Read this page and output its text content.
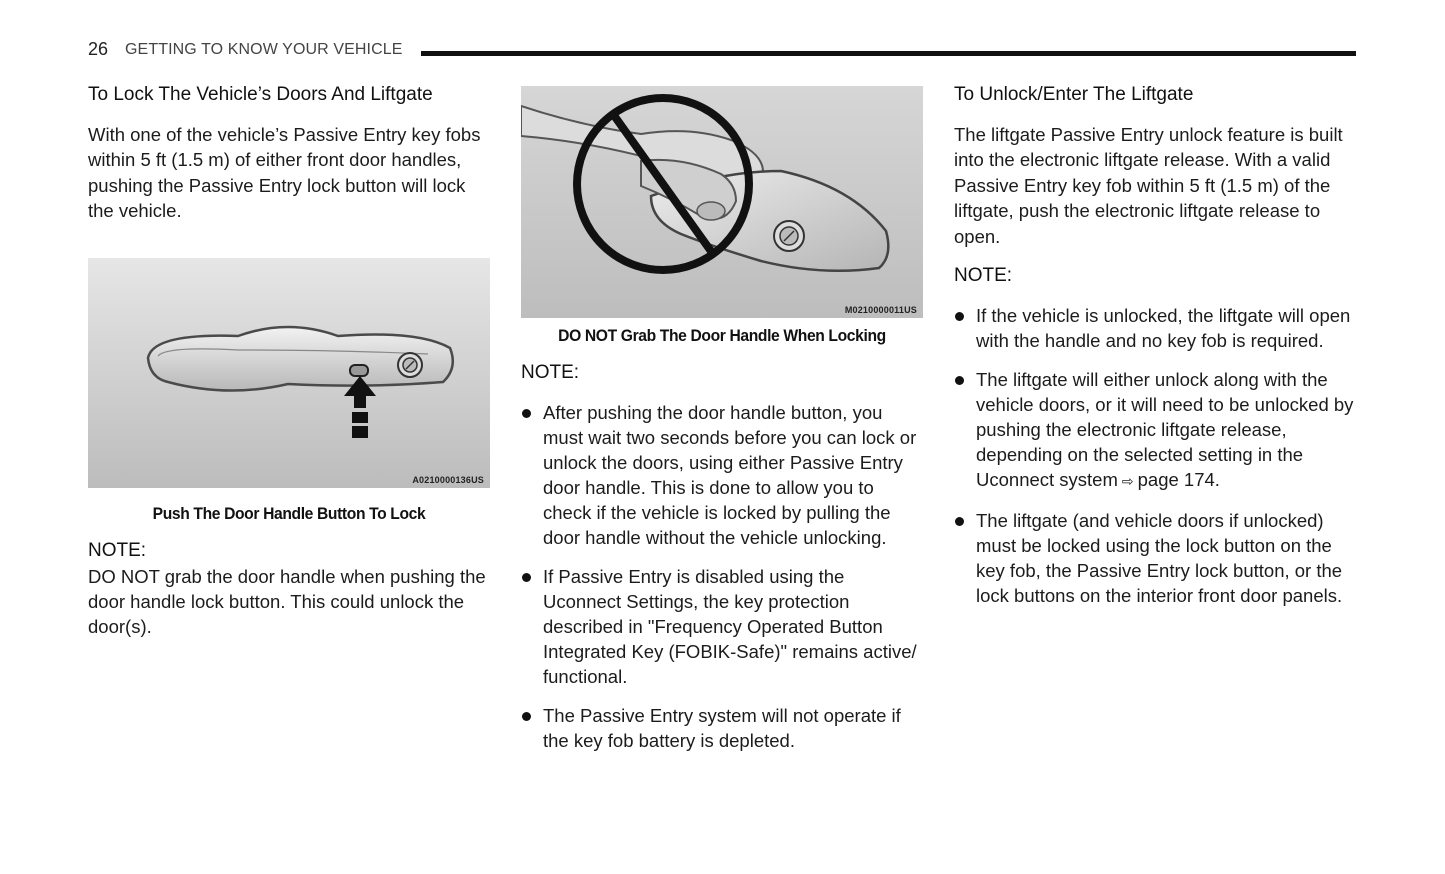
26 GETTING TO KNOW YOUR VEHICLE
To Lock The Vehicle’s Doors And Liftgate

With one of the vehicle’s Passive Entry key fobs within 5 ft (1.5 m) of either front door handles, pushing the Passive Entry lock button will lock the vehicle.

A0210000136US
Push The Door Handle Button To Lock

NOTE:

DO NOT grab the door handle when pushing the door handle lock button. This could unlock the door(s).

M0210000011US
DO NOT Grab The Door Handle When Locking

NOTE:

After pushing the door handle button, you must wait two seconds before you can lock or unlock the doors, using either Passive Entry door handle. This is done to allow you to check if the vehicle is locked by pulling the door handle without the vehicle unlocking.
If Passive Entry is disabled using the Uconnect Settings, the key protection described in "Frequency Operated Button Integrated Key (FOBIK-Safe)" remains active/ functional.
The Passive Entry system will not operate if the key fob battery is depleted.
To Unlock/Enter The Liftgate

The liftgate Passive Entry unlock feature is built into the electronic liftgate release. With a valid Passive Entry key fob within 5 ft (1.5 m) of the liftgate, push the electronic liftgate release to open.

NOTE:

If the vehicle is unlocked, the liftgate will open with the handle and no key fob is required.
The liftgate will either unlock along with the vehicle doors, or it will need to be unlocked by pushing the electronic liftgate release, depending on the selected setting in the Uconnect system ⇨ page 174.
The liftgate (and vehicle doors if unlocked) must be locked using the lock button on the key fob, the Passive Entry lock button, or the lock buttons on the interior front door panels.
